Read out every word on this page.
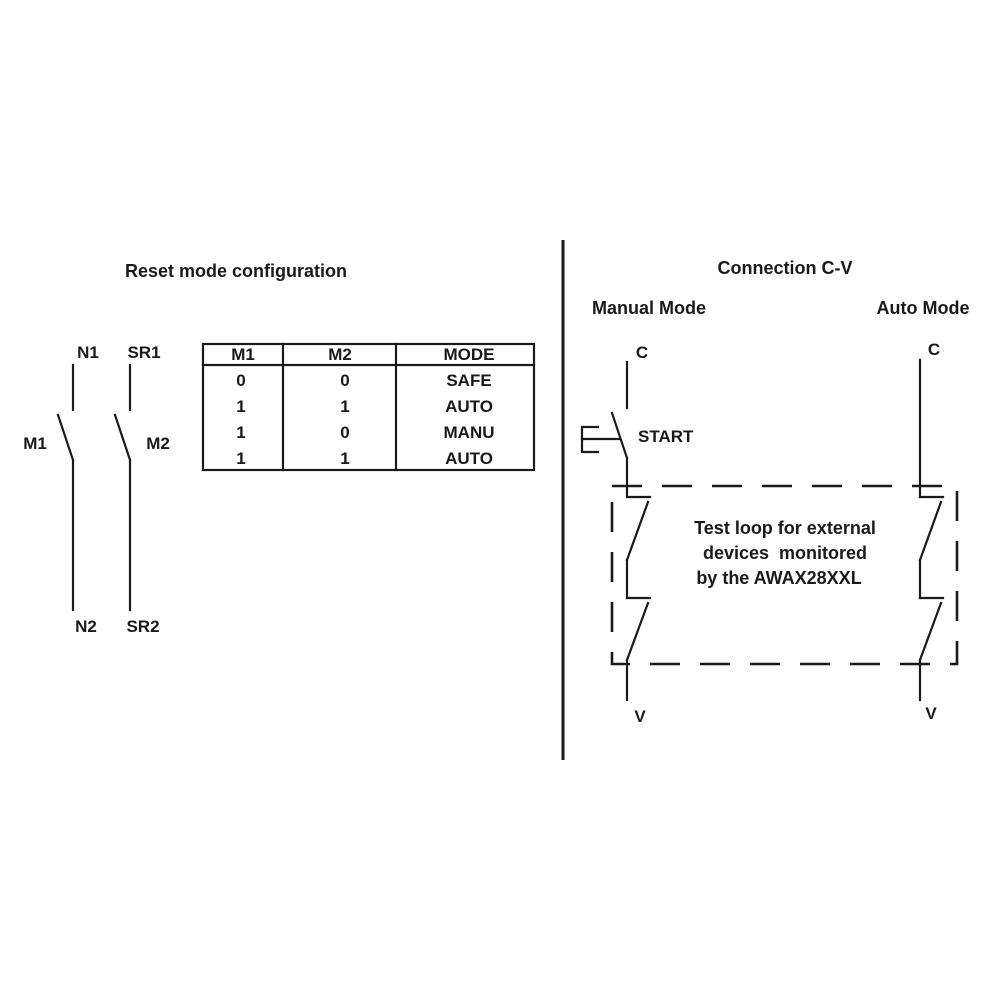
Reset mode configuration
N1 SR1
M1	M2
N2 SR2
M1	M2	MODE
0	0	SAFE
1	1	AUTO
1	0	MANU
1	1	AUTO
Connection C-V
Manual Mode	Auto Mode
C	C
V	V
START
Test loop for external
devices  monitored
by the AWAX28XXL
